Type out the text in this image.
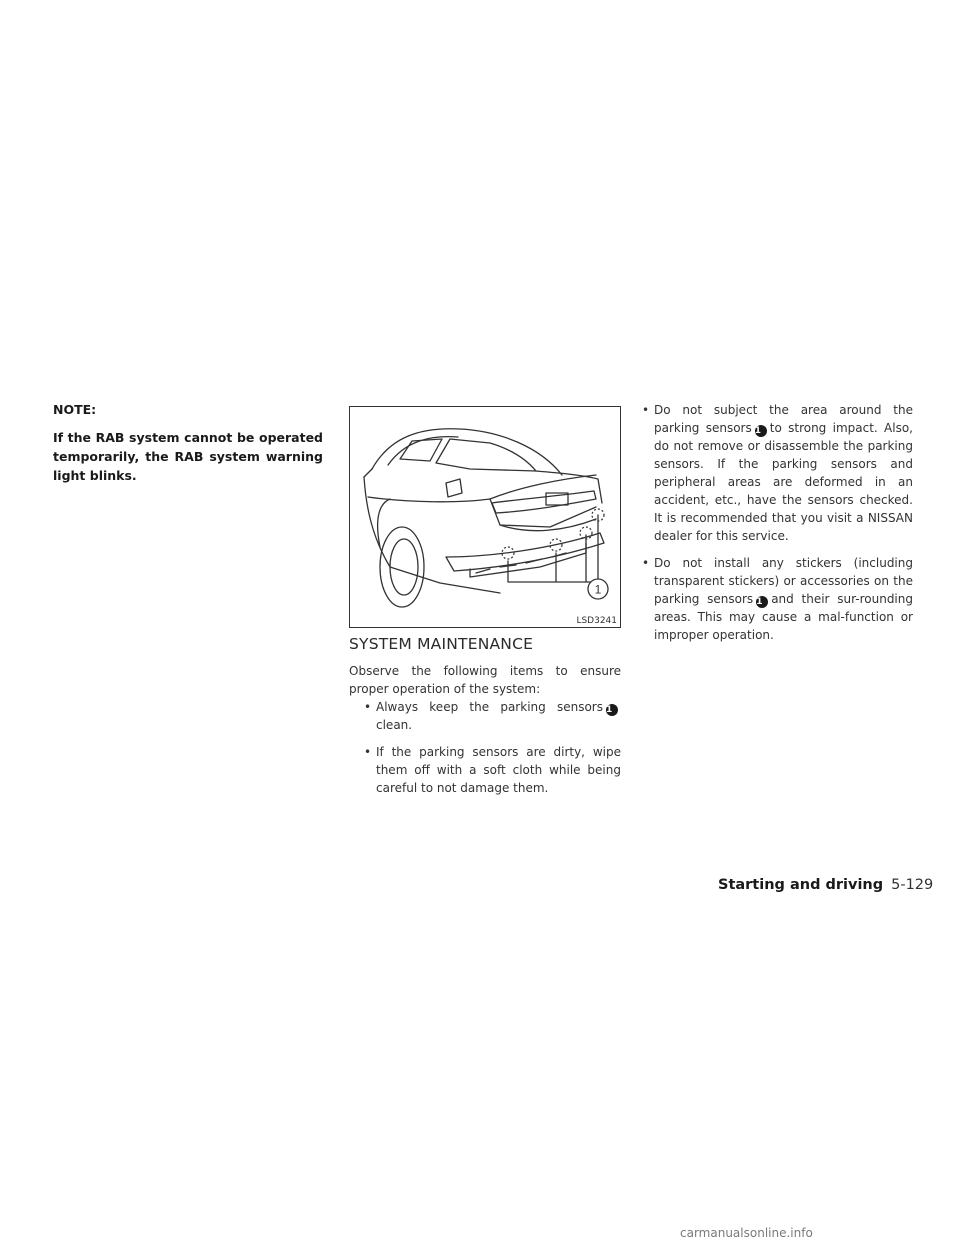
NOTE:
If the RAB system cannot be operated temporarily, the RAB system warning light blinks.
1
LSD3241
SYSTEM MAINTENANCE
Observe the following items to ensure proper operation of the system:
• Always keep the parking sensors 1clean.
• If the parking sensors are dirty, wipe them off with a soft cloth while being careful to not damage them.
• Do not subject the area around the parking sensors 1 to strong impact. Also, do not remove or disassemble the parking sensors. If the parking sensors and peripheral areas are deformed in an accident, etc., have the sensors checked. It is recommended that you visit a NISSAN dealer for this service.
• Do not install any stickers (including transparent stickers) or accessories on the parking sensors 1 and their sur-rounding areas. This may cause a mal-function or improper operation.
Starting and driving 5-129
carmanualsonline.info
